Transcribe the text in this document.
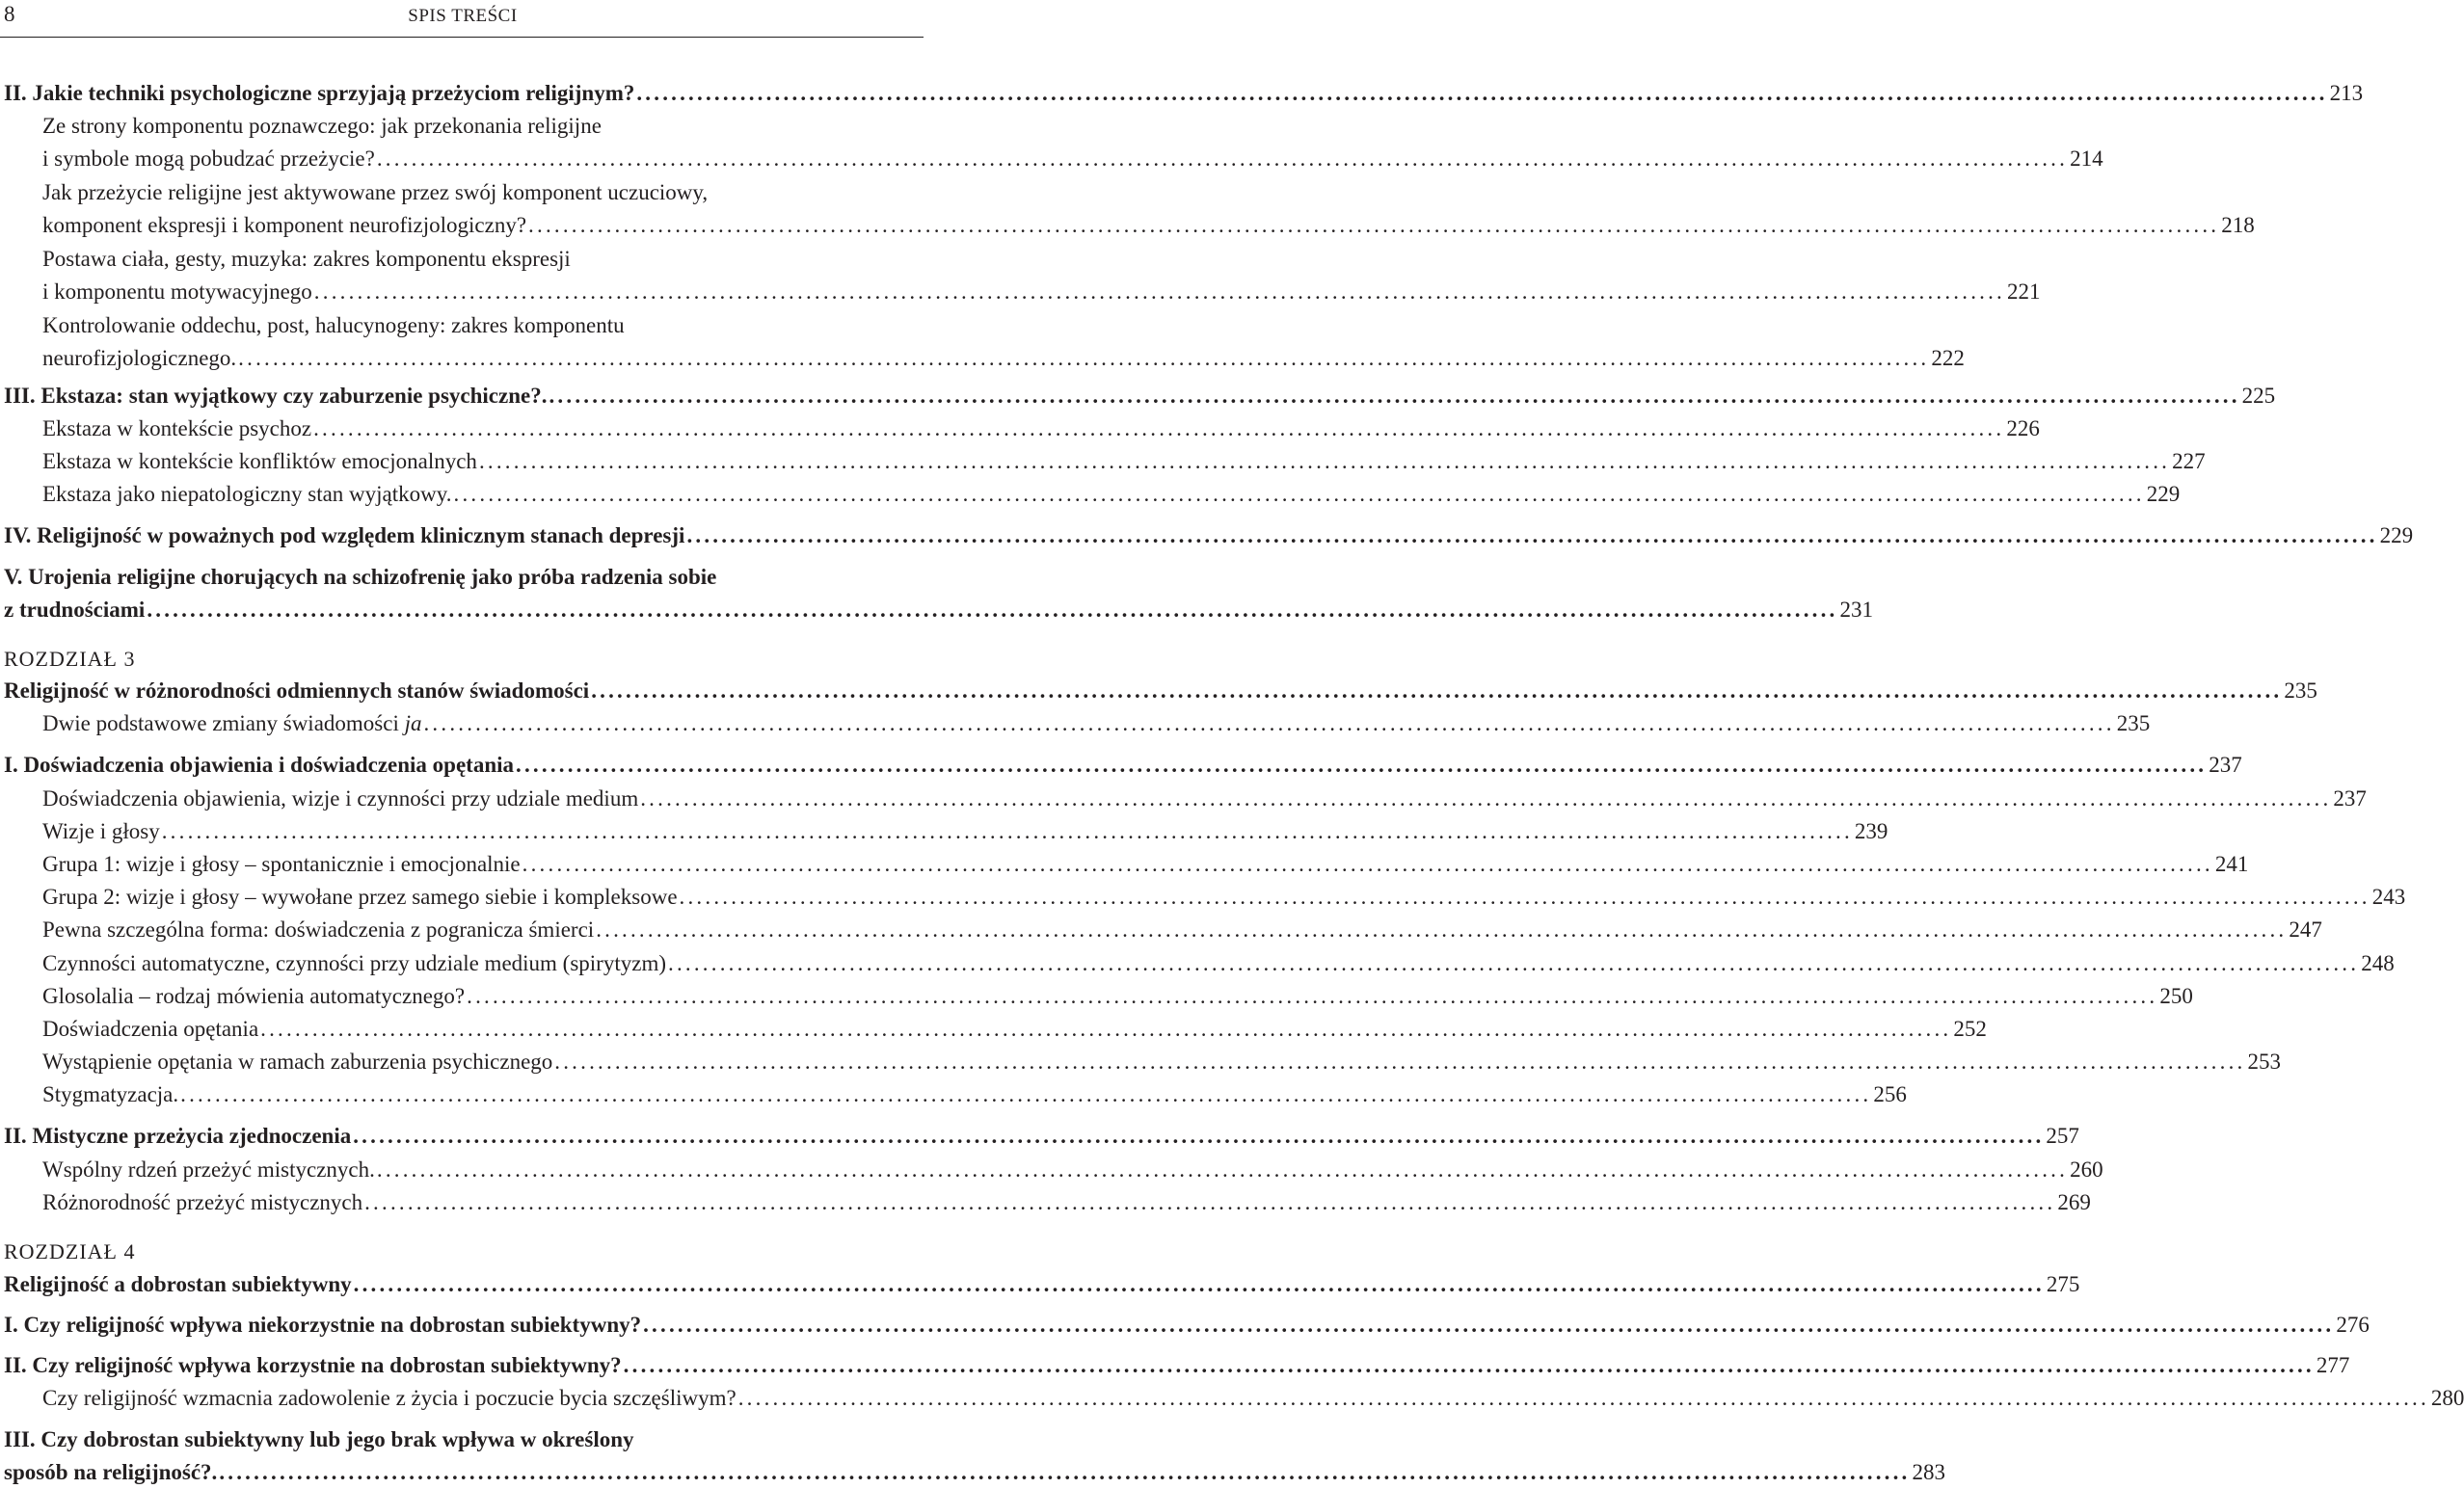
8	SPIS TREŚCI
II. Jakie techniki psychologiczne sprzyjają przeżyciom religijnym? .....	213
Ze strony komponentu poznawczego: jak przekonania religijne
i symbole mogą pobudzać przeżycie? .....	214
Jak przeżycie religijne jest aktywowane przez swój komponent uczuciowy,
komponent ekspresji i komponent neurofizjologiczny? .....	218
Postawa ciała, gesty, muzyka: zakres komponentu ekspresji
i komponentu motywacyjnego .....	221
Kontrolowanie oddechu, post, halucynogeny: zakres komponentu
neurofizjologicznego. .....	222
III. Ekstaza: stan wyjątkowy czy zaburzenie psychiczne?. .....	225
Ekstaza w kontekście psychoz .....	226
Ekstaza w kontekście konfliktów emocjonalnych .....	227
Ekstaza jako niepatologiczny stan wyjątkowy. .....	229
IV. Religijność w poważnych pod względem klinicznym stanach depresji .....	229
V. Urojenia religijne chorujących na schizofrenię jako próba radzenia sobie
z trudnościami .....	231
ROZDZIAŁ 3
Religijność w różnorodności odmiennych stanów świadomości .....	235
Dwie podstawowe zmiany świadomości ja .....	235
I. Doświadczenia objawienia i doświadczenia opętania .....	237
Doświadczenia objawienia, wizje i czynności przy udziale medium .....	237
Wizje i głosy .....	239
Grupa 1: wizje i głosy – spontanicznie i emocjonalnie .....	241
Grupa 2: wizje i głosy – wywołane przez samego siebie i kompleksowe .....	243
Pewna szczególna forma: doświadczenia z pogranicza śmierci .....	247
Czynności automatyczne, czynności przy udziale medium (spirytyzm) .....	248
Glosolalia – rodzaj mówienia automatycznego? .....	250
Doświadczenia opętania .....	252
Wystąpienie opętania w ramach zaburzenia psychicznego .....	253
Stygmatyzacja. .....	256
II. Mistyczne przeżycia zjednoczenia .....	257
Wspólny rdzeń przeżyć mistycznych. .....	260
Różnorodność przeżyć mistycznych .....	269
ROZDZIAŁ 4
Religijność a dobrostan subiektywny .....	275
I. Czy religijność wpływa niekorzystnie na dobrostan subiektywny? .....	276
II. Czy religijność wpływa korzystnie na dobrostan subiektywny? .....	277
Czy religijność wzmacnia zadowolenie z życia i poczucie bycia szczęśliwym? .....	280
III. Czy dobrostan subiektywny lub jego brak wpływa w określony
sposób na religijność?. .....	283
